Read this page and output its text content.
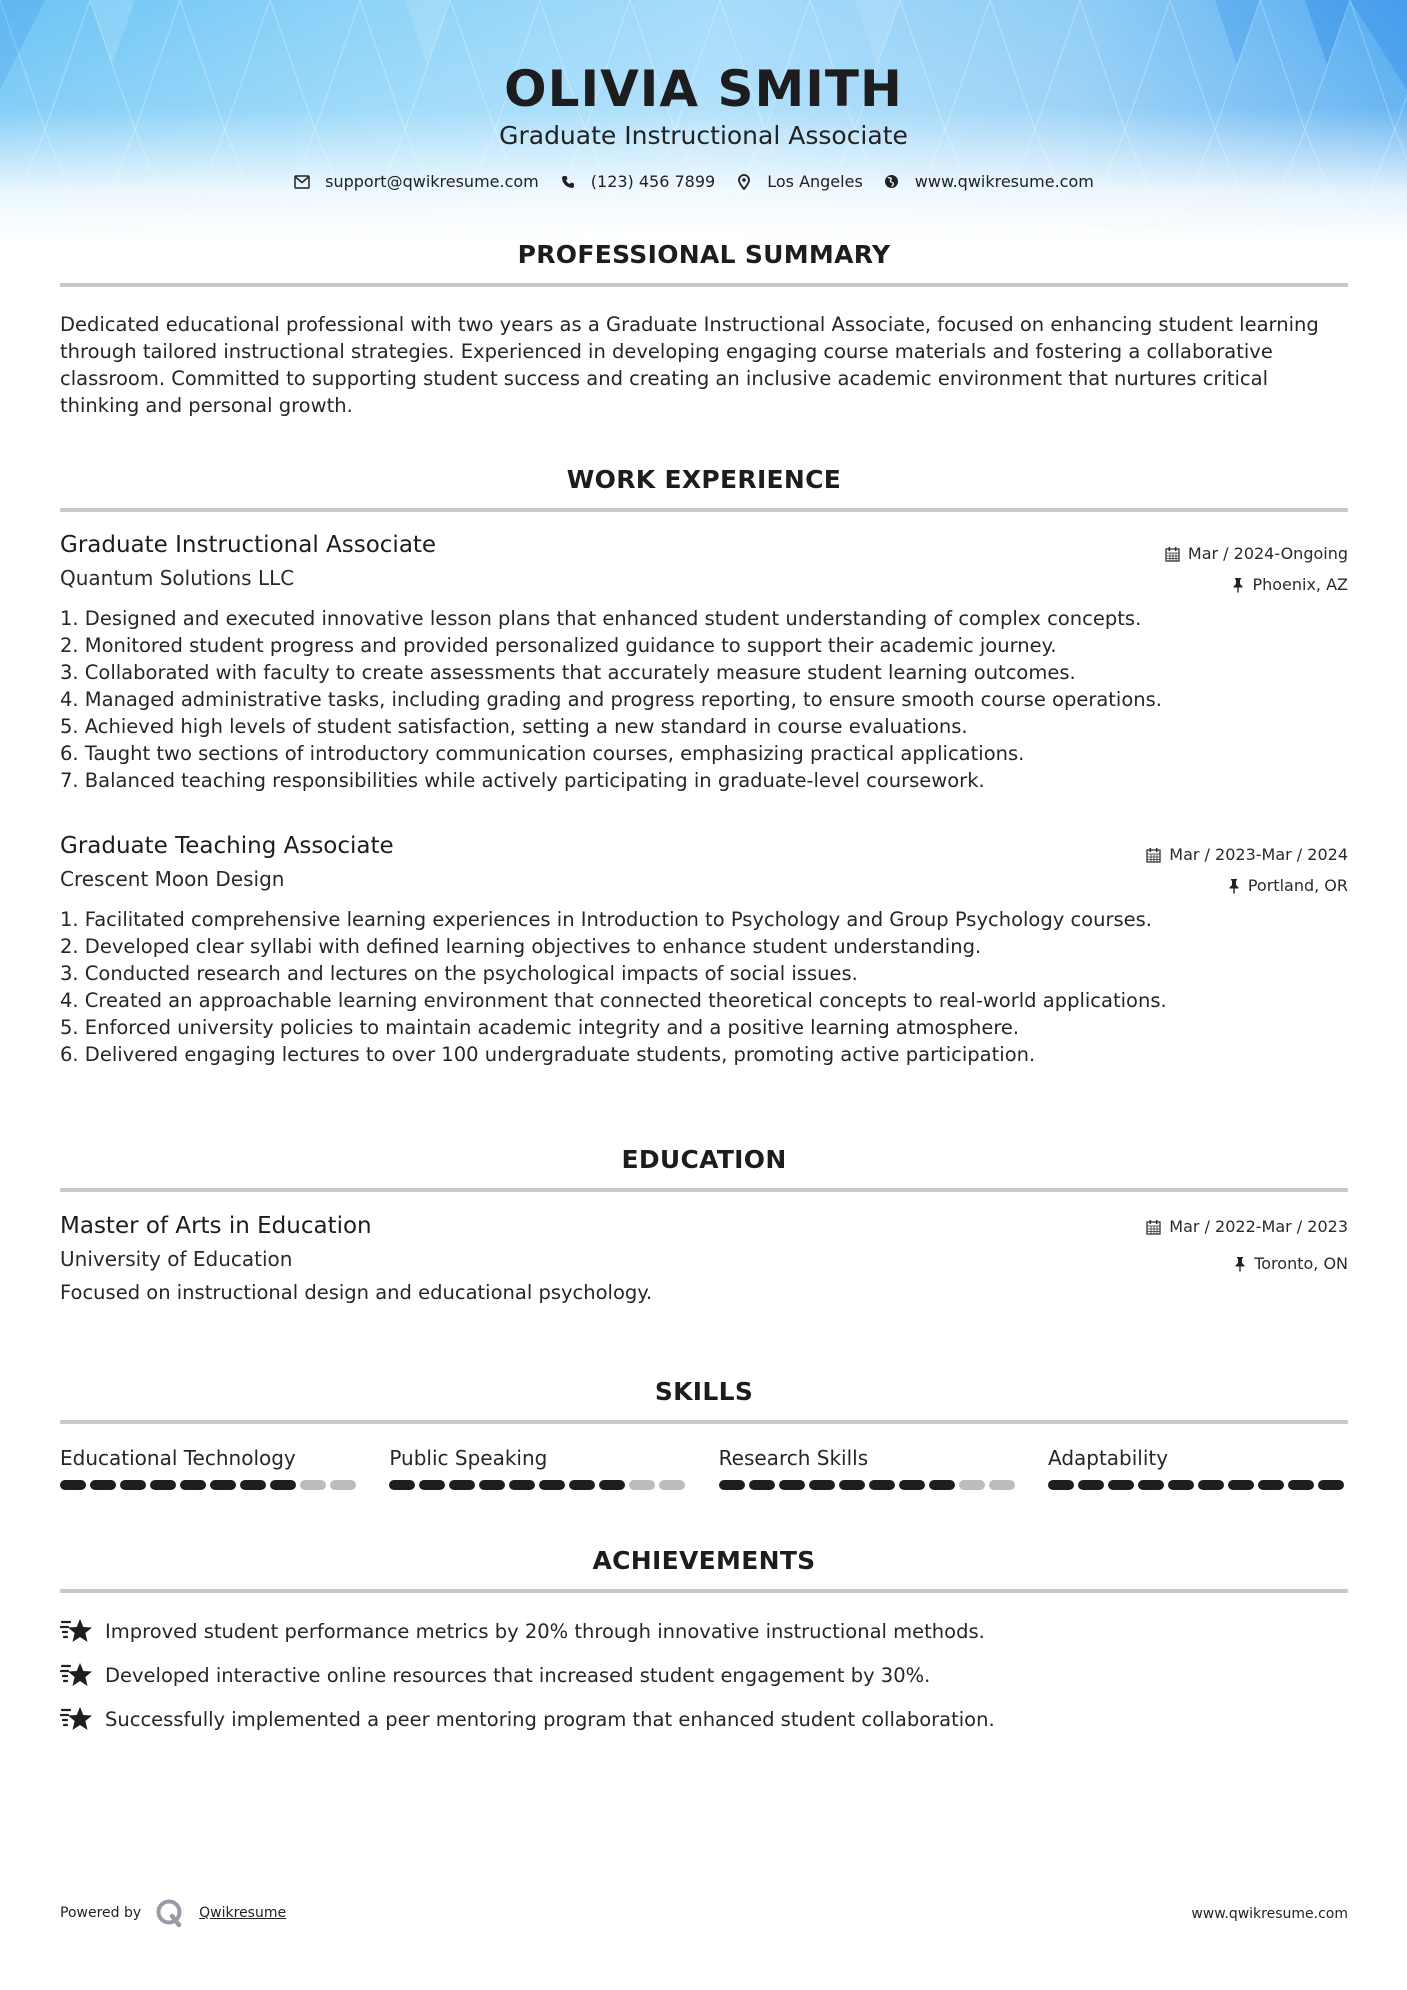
OLIVIA SMITH
Graduate Instructional Associate
support@qwikresume.com	(123) 456 7899	Los Angeles	www.qwikresume.com
PROFESSIONAL SUMMARY
Dedicated educational professional with two years as a Graduate Instructional Associate, focused on enhancing student learning through tailored instructional strategies. Experienced in developing engaging course materials and fostering a collaborative classroom. Committed to supporting student success and creating an inclusive academic environment that nurtures critical thinking and personal growth.
WORK EXPERIENCE
Graduate Instructional Associate	Mar / 2024-Ongoing
Quantum Solutions LLC	Phoenix, AZ
1. Designed and executed innovative lesson plans that enhanced student understanding of complex concepts.
2. Monitored student progress and provided personalized guidance to support their academic journey.
3. Collaborated with faculty to create assessments that accurately measure student learning outcomes.
4. Managed administrative tasks, including grading and progress reporting, to ensure smooth course operations.
5. Achieved high levels of student satisfaction, setting a new standard in course evaluations.
6. Taught two sections of introductory communication courses, emphasizing practical applications.
7. Balanced teaching responsibilities while actively participating in graduate-level coursework.
Graduate Teaching Associate	Mar / 2023-Mar / 2024
Crescent Moon Design	Portland, OR
1. Facilitated comprehensive learning experiences in Introduction to Psychology and Group Psychology courses.
2. Developed clear syllabi with defined learning objectives to enhance student understanding.
3. Conducted research and lectures on the psychological impacts of social issues.
4. Created an approachable learning environment that connected theoretical concepts to real-world applications.
5. Enforced university policies to maintain academic integrity and a positive learning atmosphere.
6. Delivered engaging lectures to over 100 undergraduate students, promoting active participation.
EDUCATION
Master of Arts in Education	Mar / 2022-Mar / 2023
University of Education	Toronto, ON
Focused on instructional design and educational psychology.
SKILLS
Educational Technology	Public Speaking	Research Skills	Adaptability
ACHIEVEMENTS
Improved student performance metrics by 20% through innovative instructional methods.
Developed interactive online resources that increased student engagement by 30%.
Successfully implemented a peer mentoring program that enhanced student collaboration.
Powered by	Qwikresume	www.qwikresume.com
